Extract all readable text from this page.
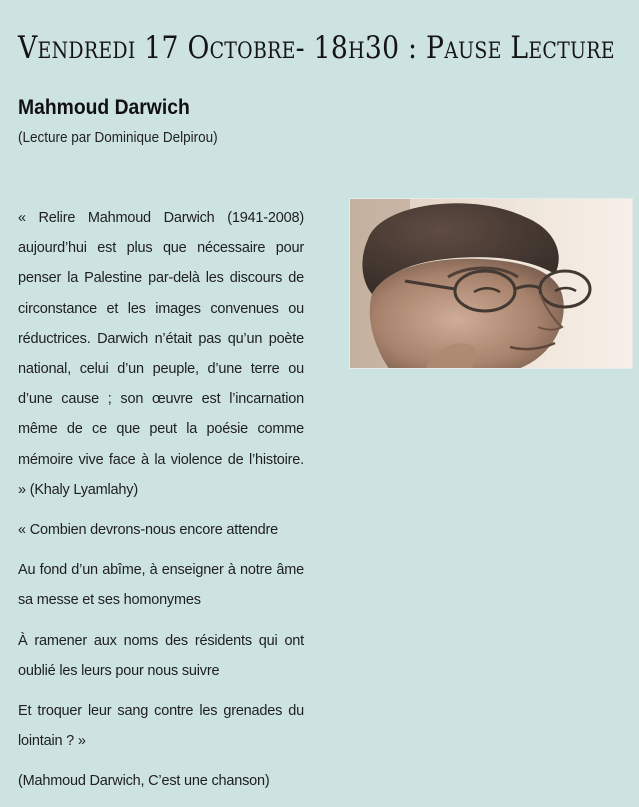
Vendredi 17 Octobre- 18h30 : Pause Lecture
Mahmoud Darwich

(Lecture par Dominique Delpirou)

« Relire Mahmoud Darwich (1941-2008) aujourd’hui est plus que nécessaire pour penser la Palestine par-delà les discours de circonstance et les images convenues ou réductrices. Darwich n’était pas qu’un poète national, celui d’un peuple, d’une terre ou d’une cause ; son œuvre est l’incarnation même de ce que peut la poésie comme mémoire vive face à la violence de l’histoire. » (Khaly Lyamlahy)

« Combien devrons-nous encore attendre

Au fond d’un abîme, à enseigner à notre âme sa messe et ses homonymes

À ramener aux noms des résidents qui ont oublié les leurs pour nous suivre

Et troquer leur sang contre les grenades du lointain ? »

(Mahmoud Darwich, C’est une chanson)
